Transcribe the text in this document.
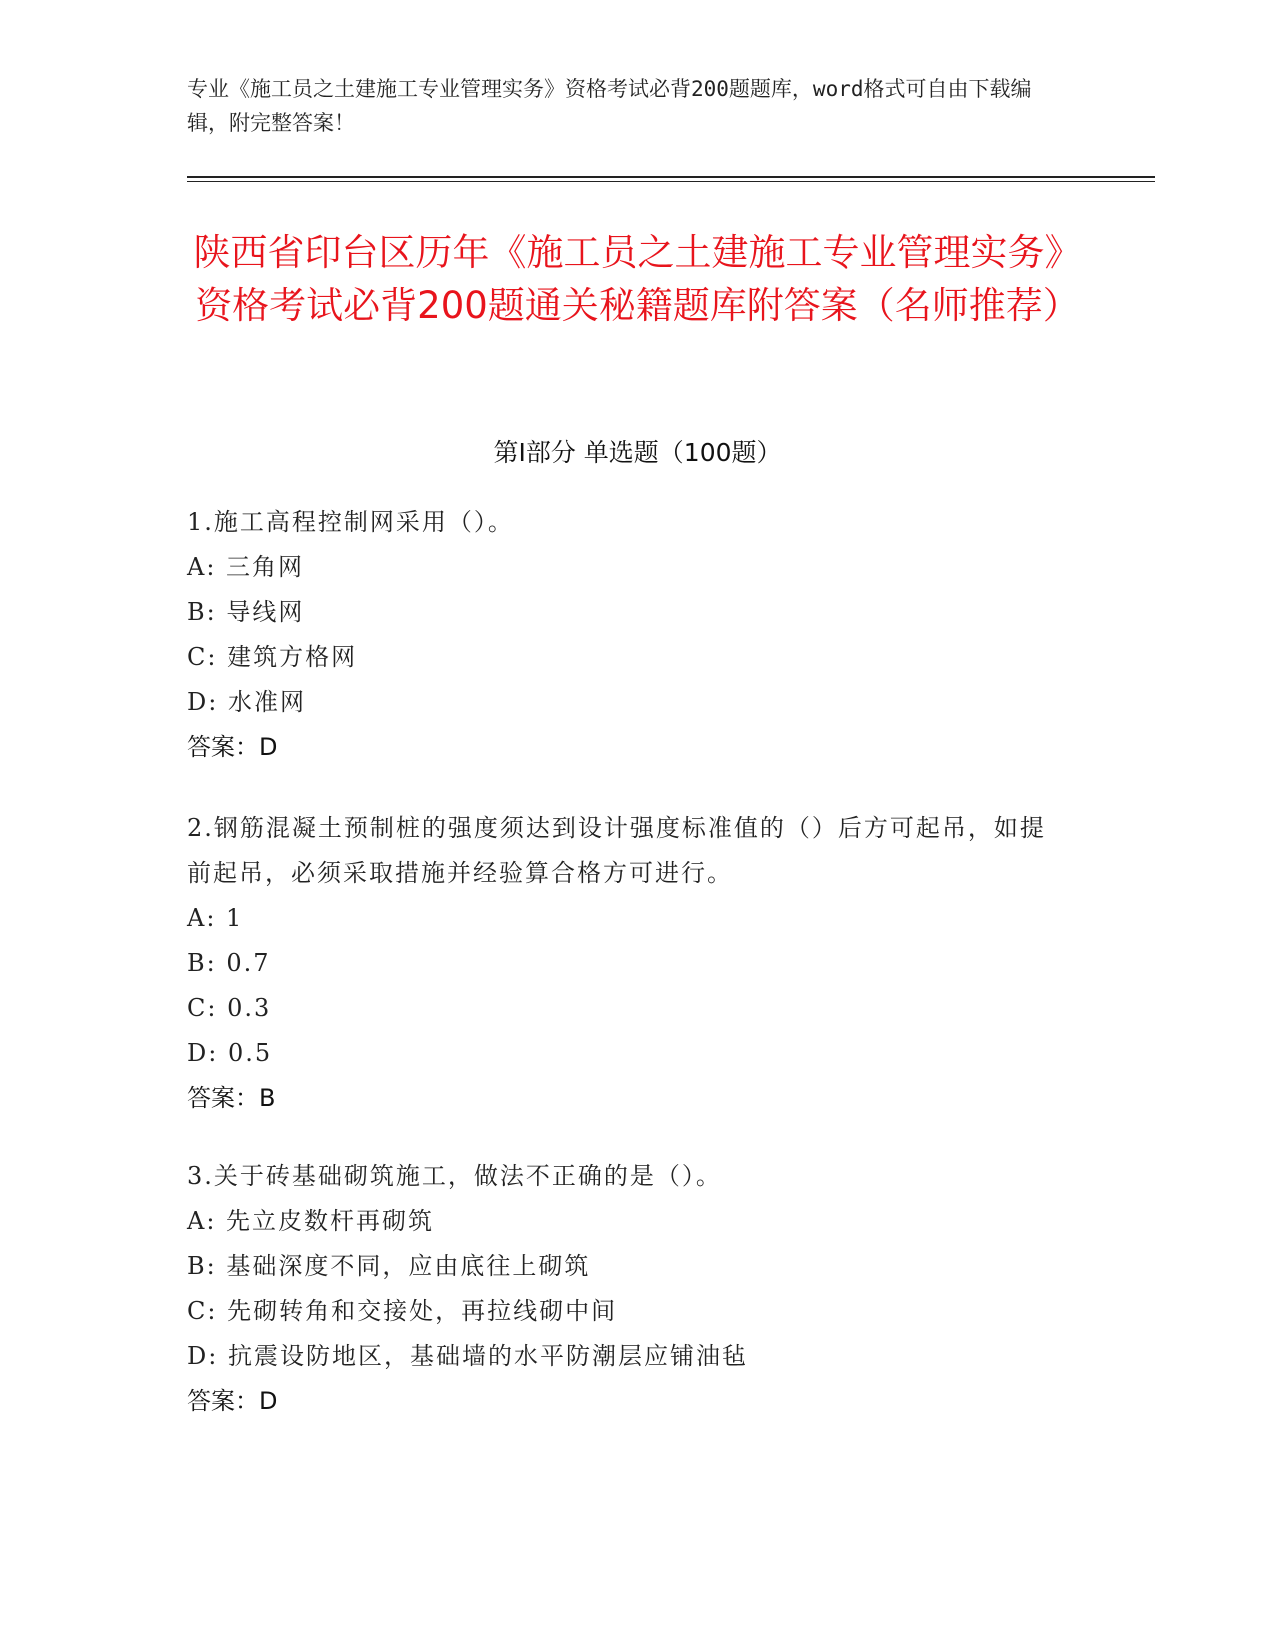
专业《施工员之土建施工专业管理实务》资格考试必背200题题库，word格式可自由下载编辑，附完整答案！
陕西省印台区历年《施工员之土建施工专业管理实务》资格考试必背200题通关秘籍题库附答案（名师推荐）
第Ⅰ部分 单选题（100题）
1.施工高程控制网采用（）。
A: 三角网
B: 导线网
C: 建筑方格网
D: 水准网
答案：D
2.钢筋混凝土预制桩的强度须达到设计强度标准值的（）后方可起吊，如提前起吊，必须采取措施并经验算合格方可进行。
A: 1
B: 0.7
C: 0.3
D: 0.5
答案：B
3.关于砖基础砌筑施工，做法不正确的是（）。
A: 先立皮数杆再砌筑
B: 基础深度不同，应由底往上砌筑
C: 先砌转角和交接处，再拉线砌中间
D: 抗震设防地区，基础墙的水平防潮层应铺油毡
答案：D
